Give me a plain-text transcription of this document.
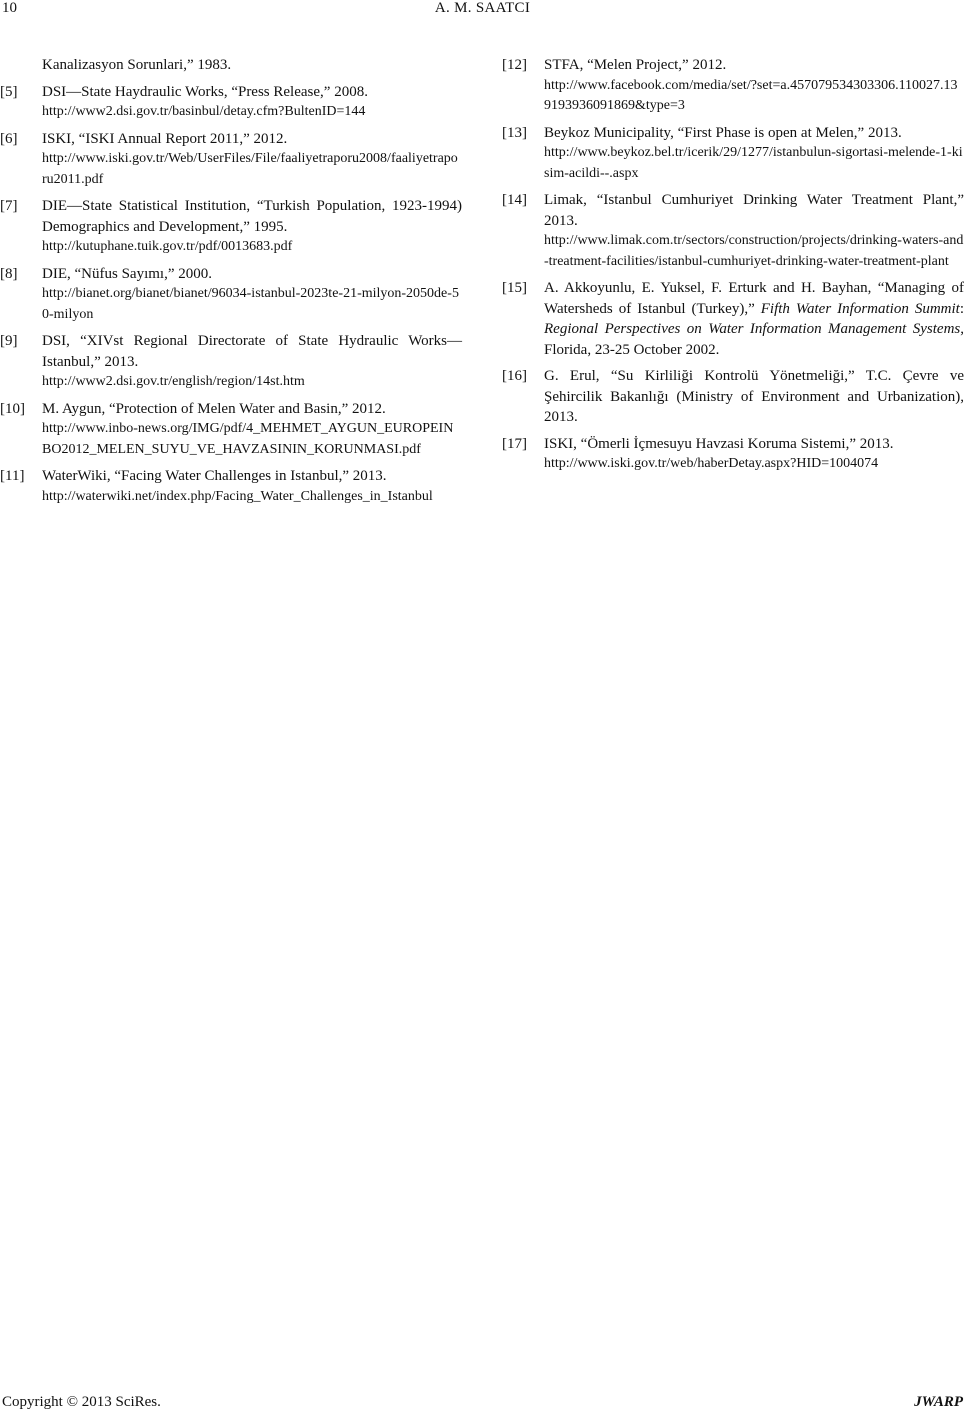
10	A. M. SAATCI
Kanalizasyon Sorunlari,” 1983.
[5] DSI—State Haydraulic Works, “Press Release,” 2008.
http://www2.dsi.gov.tr/basinbul/detay.cfm?BultenID=144
[6] ISKI, “ISKI Annual Report 2011,” 2012.
http://www.iski.gov.tr/Web/UserFiles/File/faaliyetraporu2008/faaliyetraporu2011.pdf
[7] DIE—State Statistical Institution, “Turkish Population, 1923-1994) Demographics and Development,” 1995.
http://kutuphane.tuik.gov.tr/pdf/0013683.pdf
[8] DIE, “Nüfus Sayımı,” 2000.
http://bianet.org/bianet/bianet/96034-istanbul-2023te-21-milyon-2050de-50-milyon
[9] DSI, “XIVst Regional Directorate of State Hydraulic Works—Istanbul,” 2013.
http://www2.dsi.gov.tr/english/region/14st.htm
[10] M. Aygun, “Protection of Melen Water and Basin,” 2012.
http://www.inbo-news.org/IMG/pdf/4_MEHMET_AYGUN_EUROPEINBO2012_MELEN_SUYU_VE_HAVZASININ_KORUNMASI.pdf
[11] WaterWiki, “Facing Water Challenges in Istanbul,” 2013.
http://waterwiki.net/index.php/Facing_Water_Challenges_in_Istanbul
[12] STFA, “Melen Project,” 2012.
http://www.facebook.com/media/set/?set=a.457079534303306.110027.139193936091869&type=3
[13] Beykoz Municipality, “First Phase is open at Melen,” 2013.
http://www.beykoz.bel.tr/icerik/29/1277/istanbulun-sigortasi-melende-1-kisim-acildi--.aspx
[14] Limak, “Istanbul Cumhuriyet Drinking Water Treatment Plant,” 2013.
http://www.limak.com.tr/sectors/construction/projects/drinking-waters-and-treatment-facilities/istanbul-cumhuriyet-drinking-water-treatment-plant
[15] A. Akkoyunlu, E. Yuksel, F. Erturk and H. Bayhan, “Managing of Watersheds of Istanbul (Turkey),” Fifth Water Information Summit: Regional Perspectives on Water Information Management Systems, Florida, 23-25 October 2002.
[16] G. Erul, “Su Kirliliği Kontrolü Yönetmeliği,” T.C. Çevre ve Şehircilik Bakanlığı (Ministry of Environment and Urbanization), 2013.
[17] ISKI, “Ömerli İçmesuyu Havzasi Koruma Sistemi,” 2013.
http://www.iski.gov.tr/web/haberDetay.aspx?HID=1004074
Copyright © 2013 SciRes.	JWARP
